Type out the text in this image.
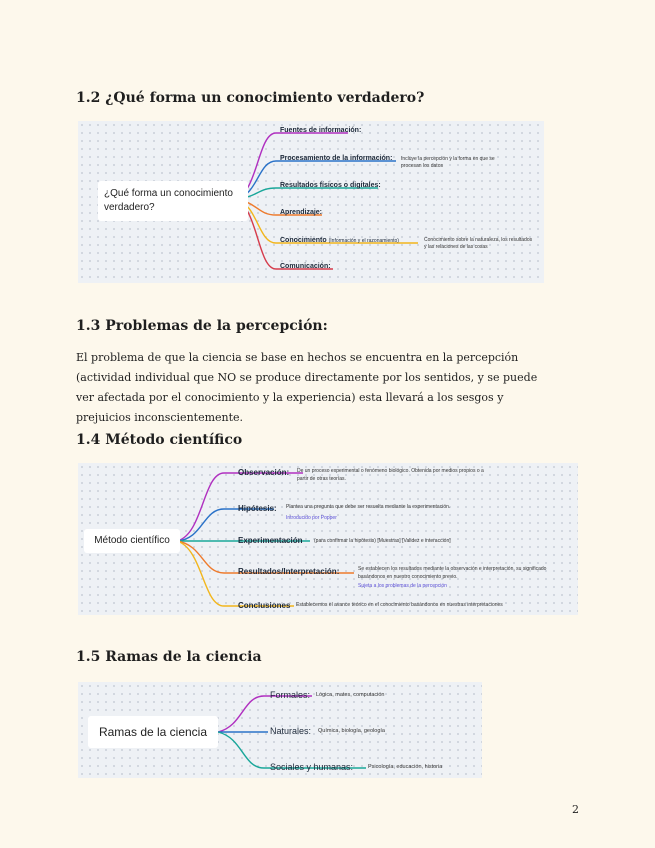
1.2 ¿Qué forma un conocimiento verdadero?
¿Qué forma un conocimiento verdadero?
Fuentes de información:
Procesamiento de la información: Incluye la percepción y la forma en que se procesan los datos
Resultados físicos o digitales:
Aprendizaje:
Conocimiento (Información y el razonamiento)	Conocimiento sobre la naturaleza, los resultados y las relaciones de las cosas
Comunicación:
1.3 Problemas de la percepción:

El problema de que la ciencia se base en hechos se encuentra en la percepción (actividad individual que NO se produce directamente por los sentidos, y se puede ver afectada por el conocimiento y la experiencia) esta llevará a los sesgos y prejuicios inconscientemente.

1.4 Método científico
Método científico
Observación: De un proceso experimental o fenómeno biológico. Obtenida por medios propios o a partir de otras teorías.
Hipótesis: Plantea una pregunta que debe ser resuelta mediante la experimentación.
Introducido por Popper
Experimentación (para confirmar la hipótesis) [Muestras] [Validez e interacción]
Resultados/Interpretación:	Se establecen los resultados mediante la observación e interpretación, su significado basándonos en nuestro conocimiento previo.
Sujeta a los problemas de la percepción
Conclusiones Establecemos el avance teórico en el conocimiento basándonos en nuestras interpretaciones
1.5 Ramas de la ciencia
Ramas de la ciencia
Formales: Lógica, mates, computación
Naturales: Química, biología, geología
Sociales y humanas:	Psicología, educación, historia
2
